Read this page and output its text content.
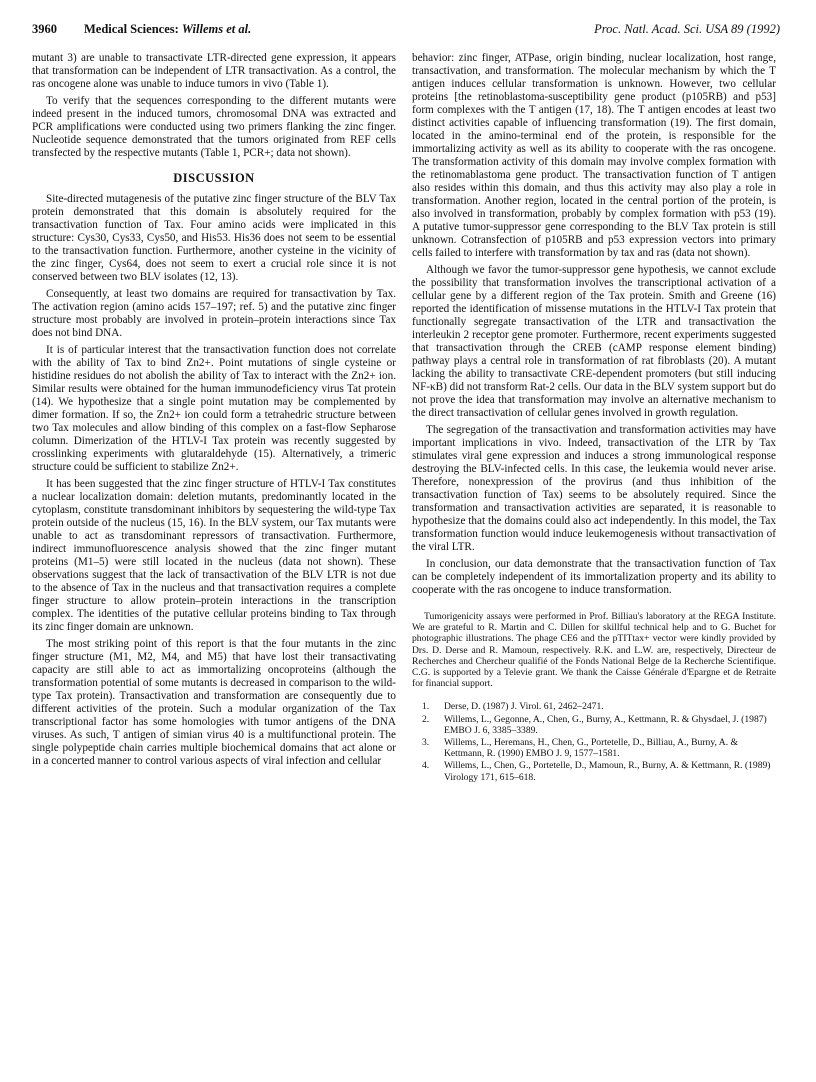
3960 Medical Sciences: Willems et al.	Proc. Natl. Acad. Sci. USA 89 (1992)

mutant 3) are unable to transactivate LTR-directed gene expression, it appears that transformation can be independent of LTR transactivation. As a control, the ras oncogene alone was unable to induce tumors in vivo (Table 1).

To verify that the sequences corresponding to the different mutants were indeed present in the induced tumors, chromosomal DNA was extracted and PCR amplifications were conducted using two primers flanking the zinc finger. Nucleotide sequence demonstrated that the tumors originated from REF cells transfected by the respective mutants (Table 1, PCR+; data not shown).

DISCUSSION

Site-directed mutagenesis of the putative zinc finger structure of the BLV Tax protein demonstrated that this domain is absolutely required for the transactivation function of Tax. Four amino acids were implicated in this structure: Cys30, Cys33, Cys50, and His53. His36 does not seem to be essential to the transactivation function. Furthermore, another cysteine in the vicinity of the zinc finger, Cys64, does not seem to exert a crucial role since it is not conserved between two BLV isolates (12, 13).

Consequently, at least two domains are required for transactivation by Tax. The activation region (amino acids 157–197; ref. 5) and the putative zinc finger structure most probably are involved in protein–protein interactions since Tax does not bind DNA.

It is of particular interest that the transactivation function does not correlate with the ability of Tax to bind Zn2+. Point mutations of single cysteine or histidine residues do not abolish the ability of Tax to interact with the Zn2+ ion. Similar results were obtained for the human immunodeficiency virus Tat protein (14). We hypothesize that a single point mutation may be complemented by dimer formation. If so, the Zn2+ ion could form a tetrahedric structure between two Tax molecules and allow binding of this complex on a fast-flow Sepharose column. Dimerization of the HTLV-I Tax protein was recently suggested by crosslinking experiments with glutaraldehyde (15). Alternatively, a trimeric structure could be sufficient to stabilize Zn2+.

It has been suggested that the zinc finger structure of HTLV-I Tax constitutes a nuclear localization domain: deletion mutants, predominantly located in the cytoplasm, constitute transdominant inhibitors by sequestering the wild-type Tax protein outside of the nucleus (15, 16). In the BLV system, our Tax mutants were unable to act as transdominant repressors of transactivation. Furthermore, indirect immunofluorescence analysis showed that the zinc finger mutant proteins (M1–5) were still located in the nucleus (data not shown). These observations suggest that the lack of transactivation of the BLV LTR is not due to the absence of Tax in the nucleus and that transactivation requires a complete finger structure to allow protein–protein interactions in the transcription complex. The identities of the putative cellular proteins binding to Tax through its zinc finger domain are unknown.

The most striking point of this report is that the four mutants in the zinc finger structure (M1, M2, M4, and M5) that have lost their transactivating capacity are still able to act as immortalizing oncoproteins (although the transformation potential of some mutants is decreased in comparison to the wild-type Tax protein). Transactivation and transformation are consequently due to different activities of the protein. Such a modular organization of the Tax transcriptional factor has some homologies with tumor antigens of the DNA viruses. As such, T antigen of simian virus 40 is a multifunctional protein. The single polypeptide chain carries multiple biochemical domains that act alone or in a concerted manner to control various aspects of viral infection and cellular

behavior: zinc finger, ATPase, origin binding, nuclear localization, host range, transactivation, and transformation. The molecular mechanism by which the T antigen induces cellular transformation is unknown. However, two cellular proteins [the retinoblastoma-susceptibility gene product (p105RB) and p53] form complexes with the T antigen (17, 18). The T antigen encodes at least two distinct activities capable of influencing transformation (19). The first domain, located in the amino-terminal end of the protein, is responsible for the immortalizing activity as well as its ability to cooperate with the ras oncogene. The transformation activity of this domain may involve complex formation with the retinomablastoma gene product. The transactivation function of T antigen also resides within this domain, and thus this activity may also play a role in transformation. Another region, located in the central portion of the protein, is also involved in transformation, probably by complex formation with p53 (19). A putative tumor-suppressor gene corresponding to the BLV Tax protein is still unknown. Cotransfection of p105RB and p53 expression vectors into primary cells failed to interfere with transformation by tax and ras (data not shown).

Although we favor the tumor-suppressor gene hypothesis, we cannot exclude the possibility that transformation involves the transcriptional activation of a cellular gene by a different region of the Tax protein. Smith and Greene (16) reported the identification of missense mutations in the HTLV-I Tax protein that functionally segregate transactivation of the LTR and transactivation the interleukin 2 receptor gene promoter. Furthermore, recent experiments suggested that transactivation through the CREB (cAMP response element binding) pathway plays a central role in transformation of rat fibroblasts (20). A mutant lacking the ability to transactivate CRE-dependent promoters (but still inducing NF-κB) did not transform Rat-2 cells. Our data in the BLV system support but do not prove the idea that transformation may involve an alternative mechanism to the direct transactivation of cellular genes involved in growth regulation.

The segregation of the transactivation and transformation activities may have important implications in vivo. Indeed, transactivation of the LTR by Tax stimulates viral gene expression and induces a strong immunological response destroying the BLV-infected cells. In this case, the leukemia would never arise. Therefore, nonexpression of the provirus (and thus inhibition of the transactivation function of Tax) seems to be absolutely required. Since the transformation and transactivation activities are separated, it is reasonable to hypothesize that the domains could also act independently. In this model, the Tax transformation function would induce leukemogenesis without transactivation of the viral LTR.

In conclusion, our data demonstrate that the transactivation function of Tax can be completely independent of its immortalization property and its ability to cooperate with the ras oncogene to induce transformation.

Tumorigenicity assays were performed in Prof. Billiau's laboratory at the REGA Institute. We are grateful to R. Martin and C. Dillen for skillful technical help and to G. Buchet for photographic illustrations. The phage CE6 and the pTITtax+ vector were kindly provided by Drs. D. Derse and R. Mamoun, respectively. R.K. and L.W. are, respectively, Directeur de Recherches and Chercheur qualifié of the Fonds National Belge de la Recherche Scientifique. C.G. is supported by a Televie grant. We thank the Caisse Générale d'Epargne et de Retraite for financial support.

1. Derse, D. (1987) J. Virol. 61, 2462–2471.
2. Willems, L., Gegonne, A., Chen, G., Burny, A., Kettmann, R. & Ghysdael, J. (1987) EMBO J. 6, 3385–3389.
3. Willems, L., Heremans, H., Chen, G., Portetelle, D., Billiau, A., Burny, A. & Kettmann, R. (1990) EMBO J. 9, 1577–1581.
4. Willems, L., Chen, G., Portetelle, D., Mamoun, R., Burny, A. & Kettmann, R. (1989) Virology 171, 615–618.
